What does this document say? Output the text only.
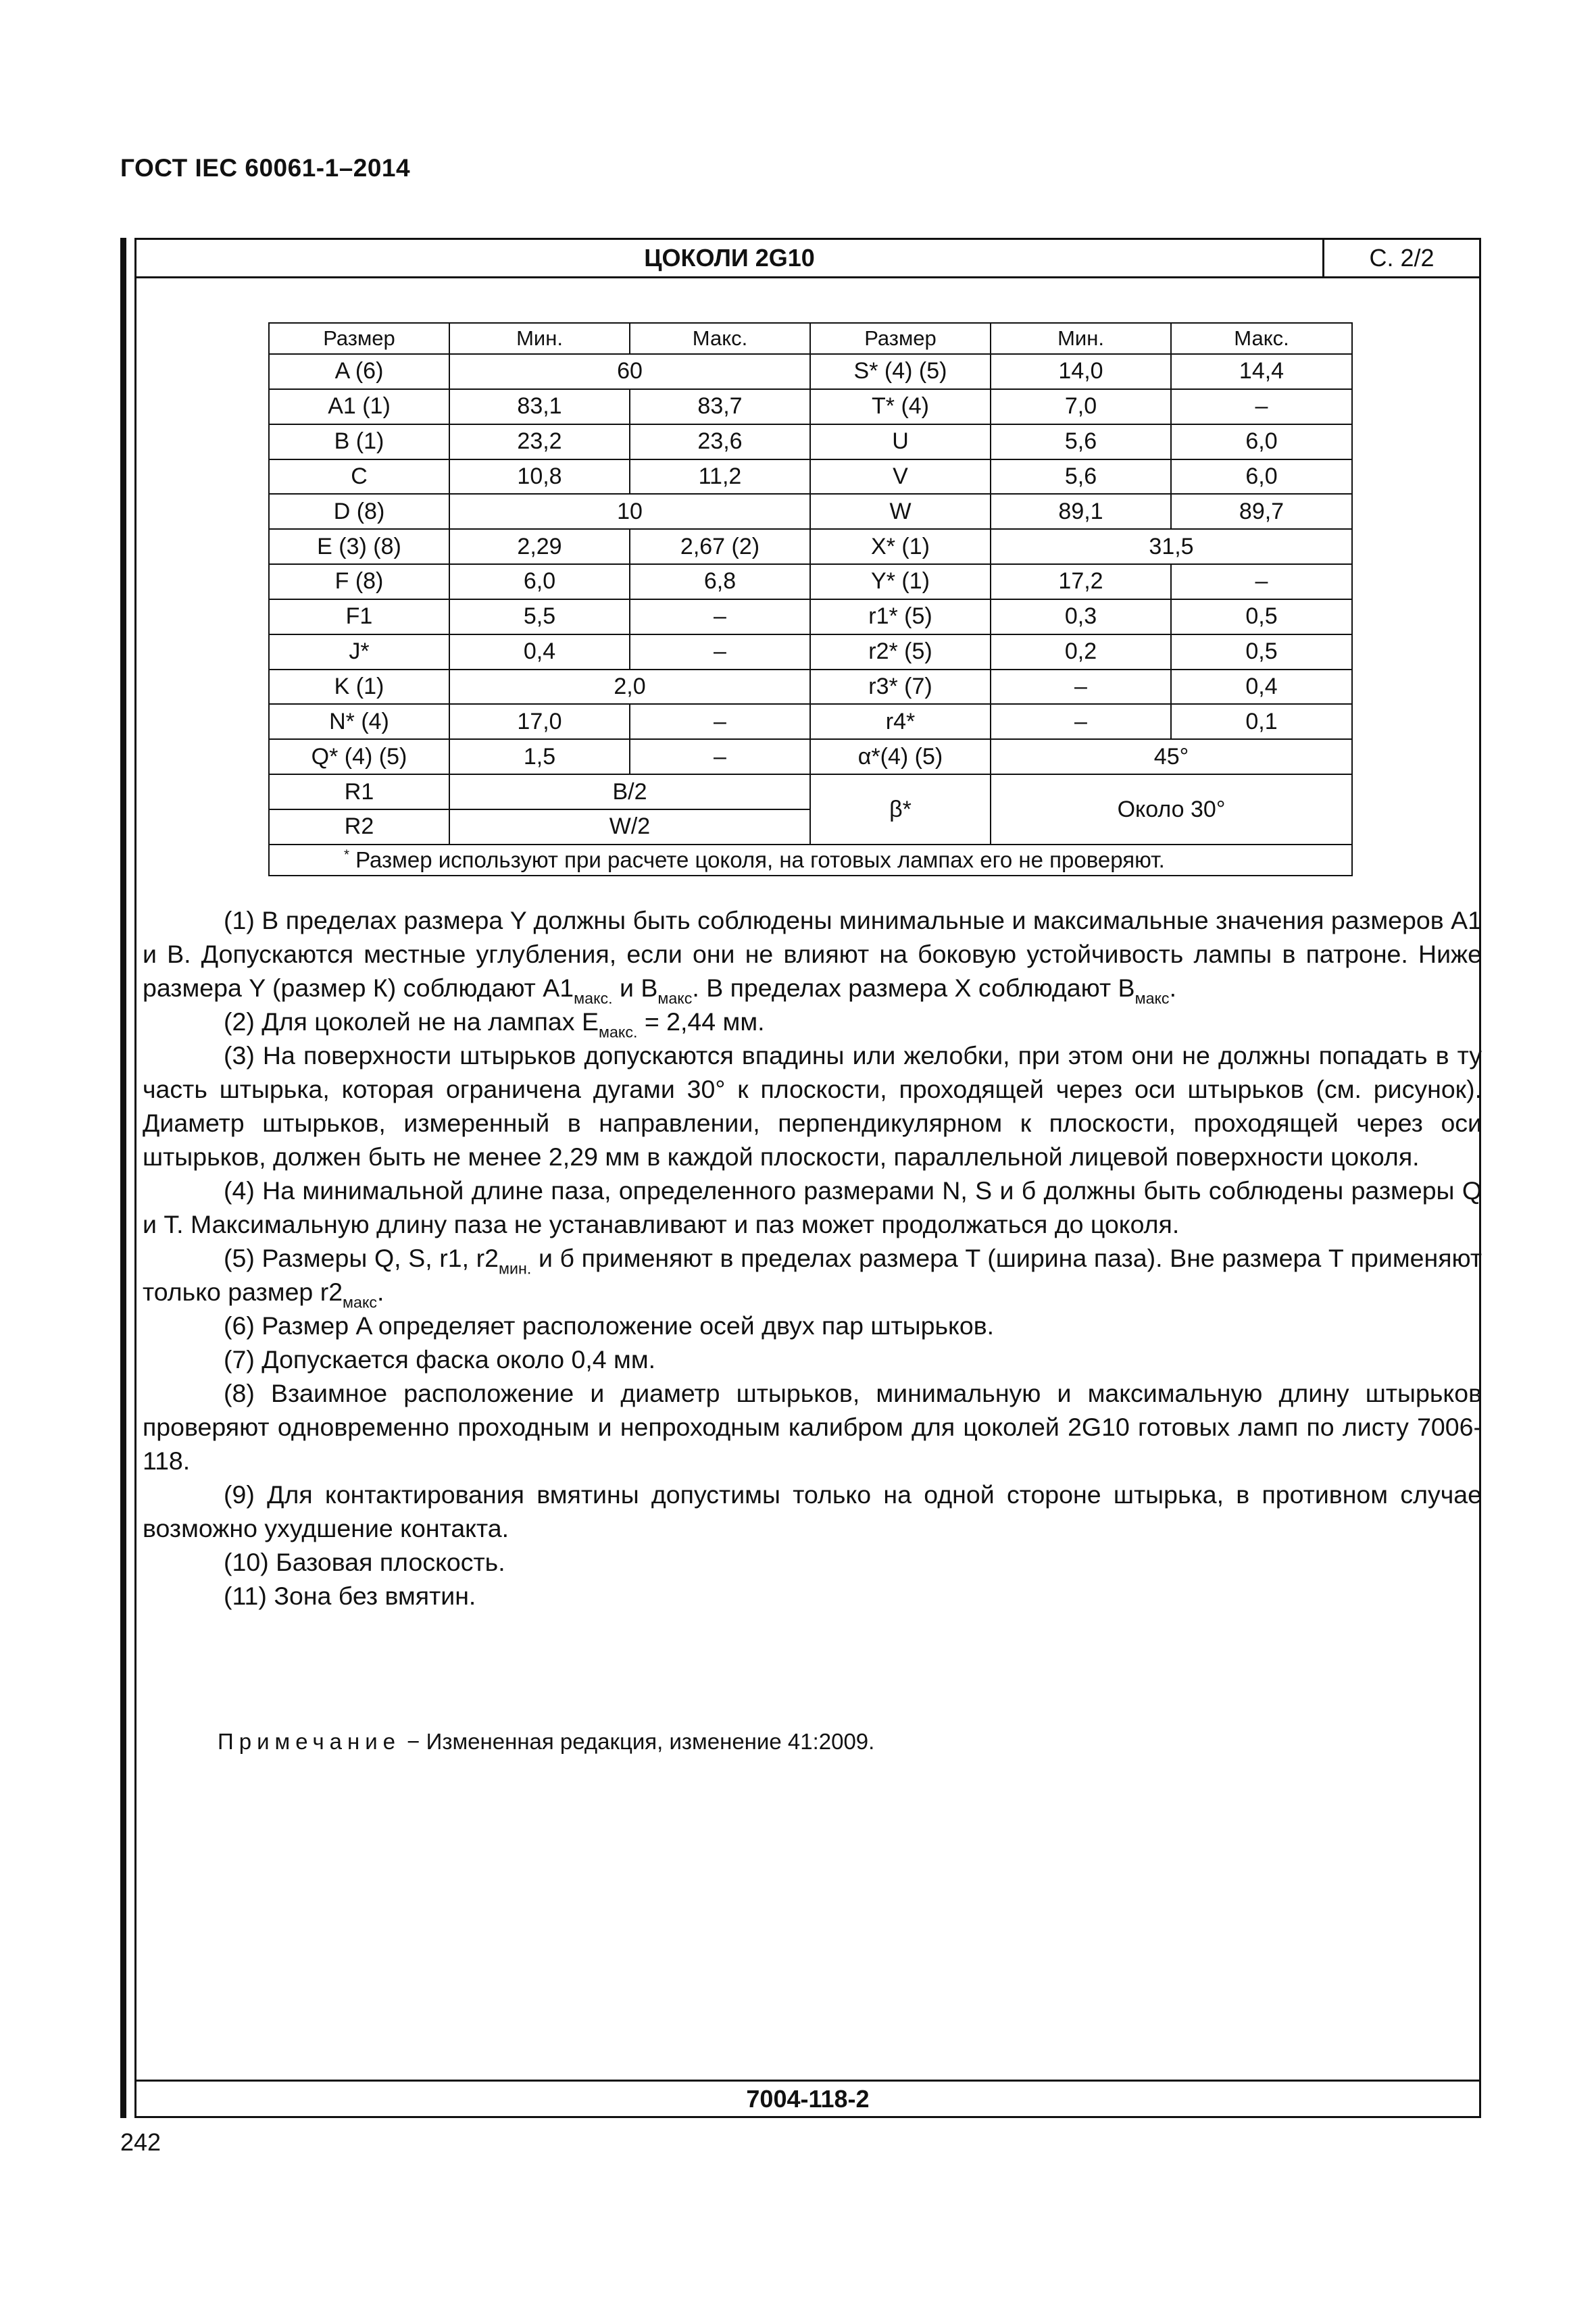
ГОСТ IEC 60061-1–2014
ЦОКОЛИ 2G10	С. 2/2
Размер	Мин.	Макс.	Размер	Мин.	Макс.
A (6)	60		S* (4) (5)	14,0	14,4
A1 (1)	83,1	83,7	T* (4)	7,0	–
B (1)	23,2	23,6	U	5,6	6,0
C	10,8	11,2	V	5,6	6,0
D (8)	10		W	89,1	89,7
E (3) (8)	2,29	2,67 (2)	X* (1)	31,5	
F (8)	6,0	6,8	Y* (1)	17,2	–
F1	5,5	–	r1* (5)	0,3	0,5
J*	0,4	–	r2* (5)	0,2	0,5
K (1)	2,0		r3* (7)	–	0,4
N* (4)	17,0	–	r4*	–	0,1
Q* (4) (5)	1,5	–	α*(4) (5)	45°	
R1	B/2		β*	Около 30°	
R2	W/2				
* Размер используют при расчете цоколя, на готовых лампах его не проверяют.					

(1) В пределах размера Y должны быть соблюдены минимальные и максимальные значения размеров A1 и B. Допускаются местные углубления, если они не влияют на боковую устойчивость лампы в патроне. Ниже размера Y (размер К) соблюдают $A1_{макс.}$ и $B_{макс}$. В пределах размера X соблюдают $B_{макс}$.

(2) Для цоколей не на лампах $E_{макс.} = 2,44$ мм.

(3) На поверхности штырьков допускаются впадины или желобки, при этом они не должны попадать в ту часть штырька, которая ограничена дугами 30° к плоскости, проходящей через оси штырьков (см. рисунок). Диаметр штырьков, измеренный в направлении, перпендикулярном к плоскости, проходящей через оси штырьков, должен быть не менее 2,29 мм в каждой плоскости, параллельной лицевой поверхности цоколя.

(4) На минимальной длине паза, определенного размерами N, S и б должны быть соблюдены размеры Q и T. Максимальную длину паза не устанавливают и паз может продолжаться до цоколя.

(5) Размеры Q, S, r1, $r2_{мин.}$ и б применяют в пределах размера T (ширина паза). Вне размера T применяют только размер $r2_{макс}$.

(6) Размер A определяет расположение осей двух пар штырьков.

(7) Допускается фаска около 0,4 мм.

(8) Взаимное расположение и диаметр штырьков, минимальную и максимальную длину штырьков проверяют одновременно проходным и непроходным калибром для цоколей 2G10 готовых ламп по листу 7006-118.

(9) Для контактирования вмятины допустимы только на одной стороне штырька, в противном случае возможно ухудшение контакта.

(10) Базовая плоскость.

(11) Зона без вмятин.

Примечание − Измененная редакция, изменение 41:2009.
7004-118-2
242
